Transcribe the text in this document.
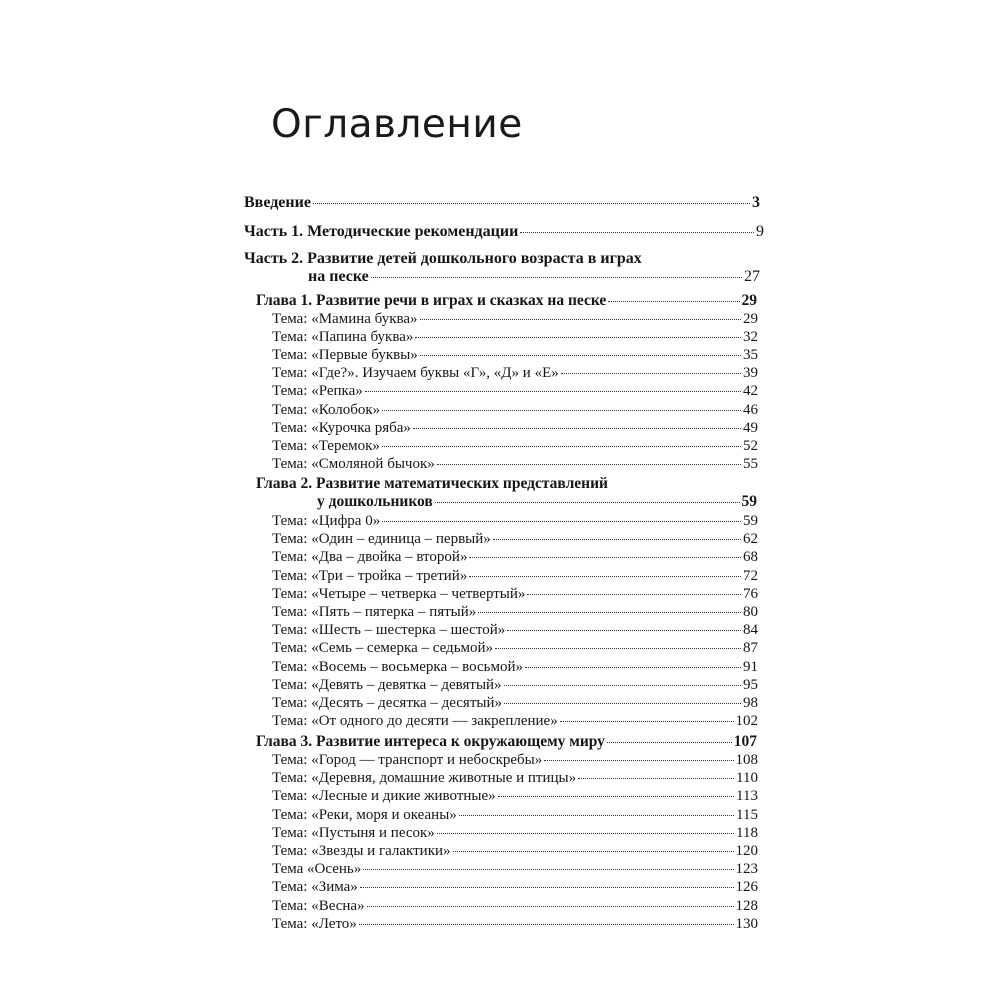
Оглавление
Введение	3
Часть 1. Методические рекомендации	9
Часть 2. Развитие детей дошкольного возраста в играх
на песке	27
Глава 1. Развитие речи в играх и сказках на песке	29
Тема: «Мамина буква»	29
Тема: «Папина буква»	32
Тема: «Первые буквы»	35
Тема: «Где?». Изучаем буквы «Г», «Д» и «Е»	39
Тема: «Репка»	42
Тема: «Колобок»	46
Тема: «Курочка ряба»	49
Тема: «Теремок»	52
Тема: «Смоляной бычок»	55
Глава 2. Развитие математических представлений
у дошкольников	59
Тема: «Цифра 0»	59
Тема: «Один – единица – первый»	62
Тема: «Два – двойка – второй»	68
Тема: «Три – тройка – третий»	72
Тема: «Четыре – четверка – четвертый»	76
Тема: «Пять – пятерка – пятый»	80
Тема: «Шесть – шестерка – шестой»	84
Тема: «Семь – семерка – седьмой»	87
Тема: «Восемь – восьмерка – восьмой»	91
Тема: «Девять – девятка – девятый»	95
Тема: «Десять – десятка – десятый»	98
Тема: «От одного до десяти — закрепление»	102
Глава 3. Развитие интереса к окружающему миру	107
Тема: «Город — транспорт и небоскребы»	108
Тема: «Деревня, домашние животные и птицы»	110
Тема: «Лесные и дикие животные»	113
Тема: «Реки, моря и океаны»	115
Тема: «Пустыня и песок»	118
Тема: «Звезды и галактики»	120
Тема «Осень»	123
Тема: «Зима»	126
Тема: «Весна»	128
Тема: «Лето»	130
